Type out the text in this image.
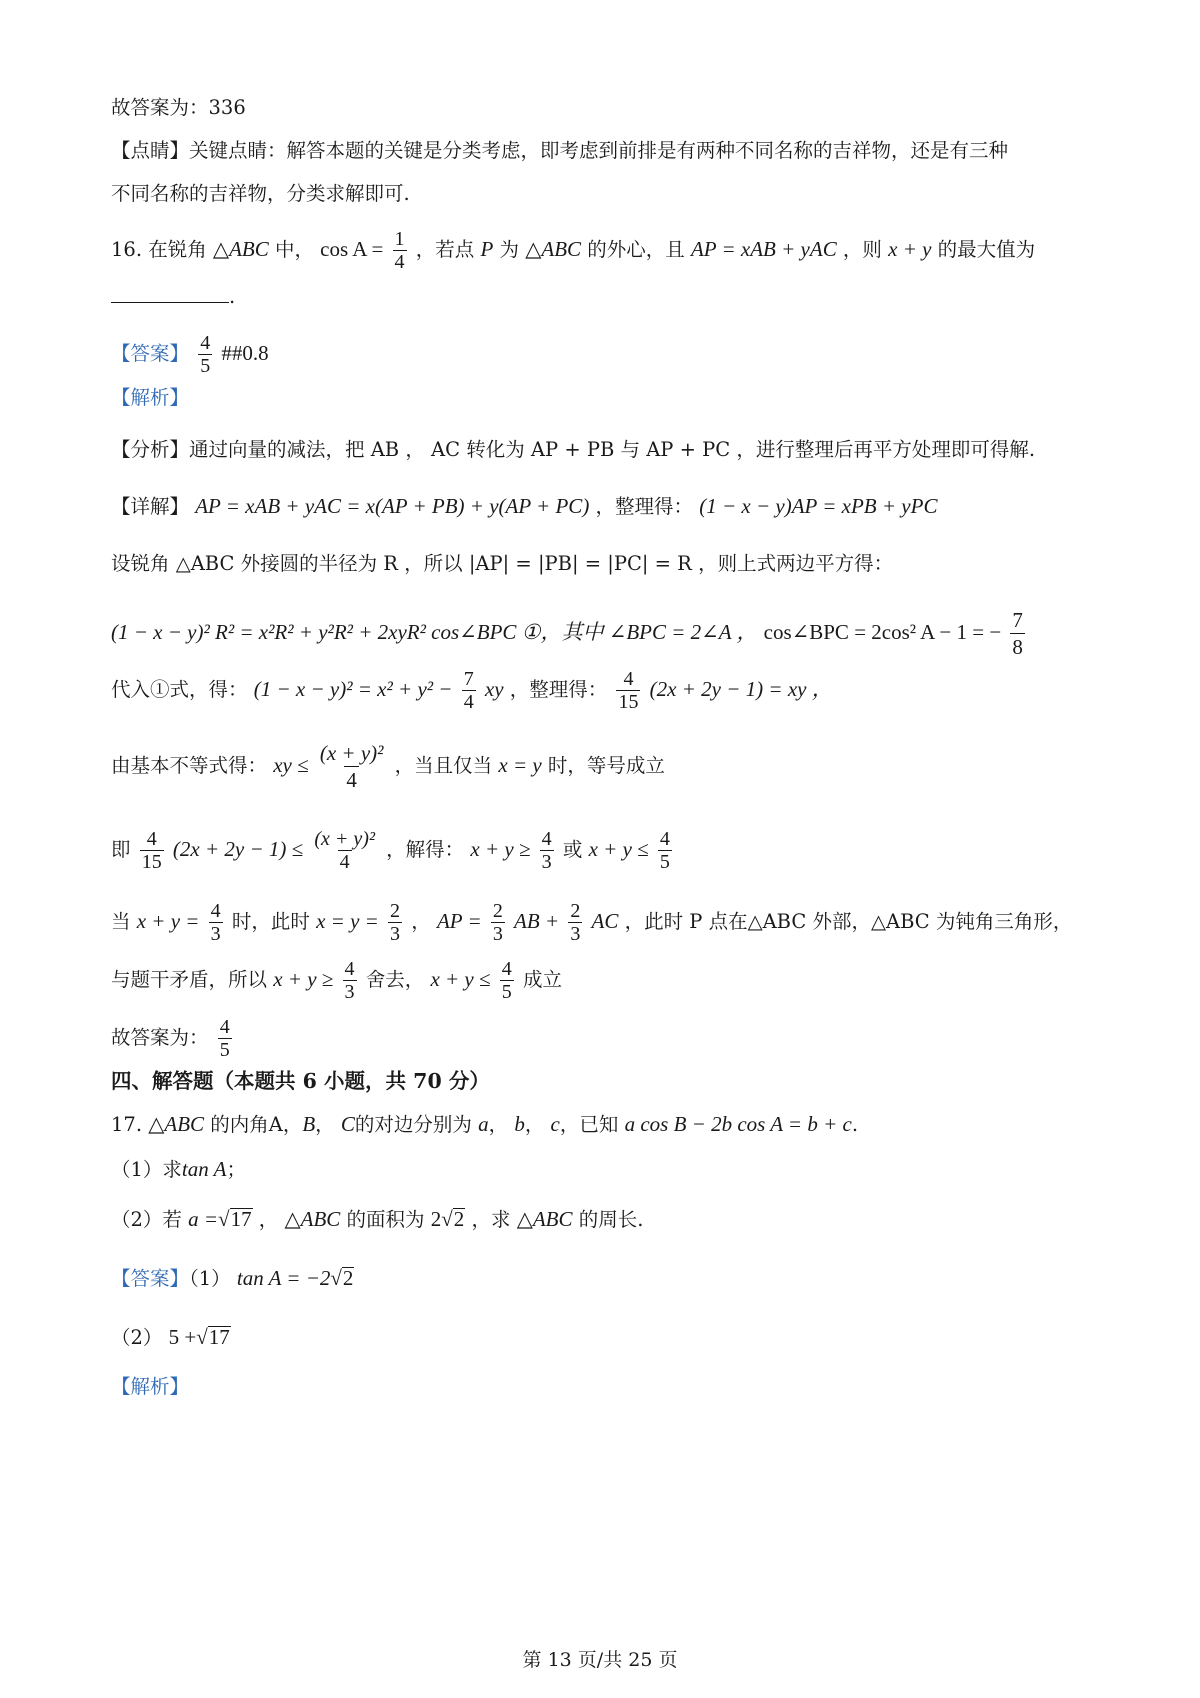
故答案为：336
【点睛】关键点睛：解答本题的关键是分类考虑，即考虑到前排是有两种不同名称的吉祥物，还是有三种
不同名称的吉祥物，分类求解即可.
16. 在锐角 △ABC 中， $\cos A = \frac{1}{4}$ ，若点 P 为 △ABC 的外心，且 AP = xAB + yAC ，则 x + y 的最大值为
.
【答案】 $\frac{4}{5}$ ##0.8
【解析】
【分析】通过向量的减法，把 AB ， AC 转化为 AP + PB 与 AP + PC ，进行整理后再平方处理即可得解.
【详解】 AP = xAB + yAC = x(AP + PB) + y(AP + PC) ，整理得： (1 − x − y)AP = xPB + yPC
设锐角 △ABC 外接圆的半径为 R ，所以 |AP| = |PB| = |PC| = R ，则上式两边平方得：
(1 − x − y)² R² = x²R² + y²R² + 2xyR² cos∠BPC ①，其中 ∠BPC = 2∠A ， cos∠BPC = 2cos² A − 1 = − $\frac{7}{8}$
代入①式，得： $(1 - x - y)^2 = x^2 + y^2 - \frac{7}{4}$ xy ，整理得： $\frac{4}{15} (2x + 2y - 1)$ = xy ，
由基本不等式得： xy ≤ $\frac{\text{(x + y)²}}{4}$ ，当且仅当 x = y 时，等号成立
即 $\frac{4}{15} (2x + 2y - 1) \le \frac{\text{(x + y)²}}{4}$ ，解得： $x + y \ge \frac{4}{3}$ 或 $x + y \le \frac{4}{5}$
当 $x + y = \frac{4}{3}$ 时，此时 $x = y = \frac{2}{3}$ ， AP = $\frac{2}{3}$ AB + $\frac{2}{3}$ AC ，此时 P 点在△ABC 外部，△ABC 为钝角三角形，
与题干矛盾，所以 $x + y \ge \frac{4}{3}$ 舍去， $x + y \le \frac{4}{5}$ 成立
故答案为： $\frac{4}{5}$
四、解答题（本题共 6 小题，共 70 分）
17. △ABC 的内角A，B， C的对边分别为 a， b， c，已知 a cos B − 2b cos A = b + c.
（1）求tan A；
（2）若 a =√17 ， △ABC 的面积为 2√2 ，求 △ABC 的周长.
【答案】（1） tan A = −2√2
（2） 5 +√17
【解析】
第 13 页/共 25 页
